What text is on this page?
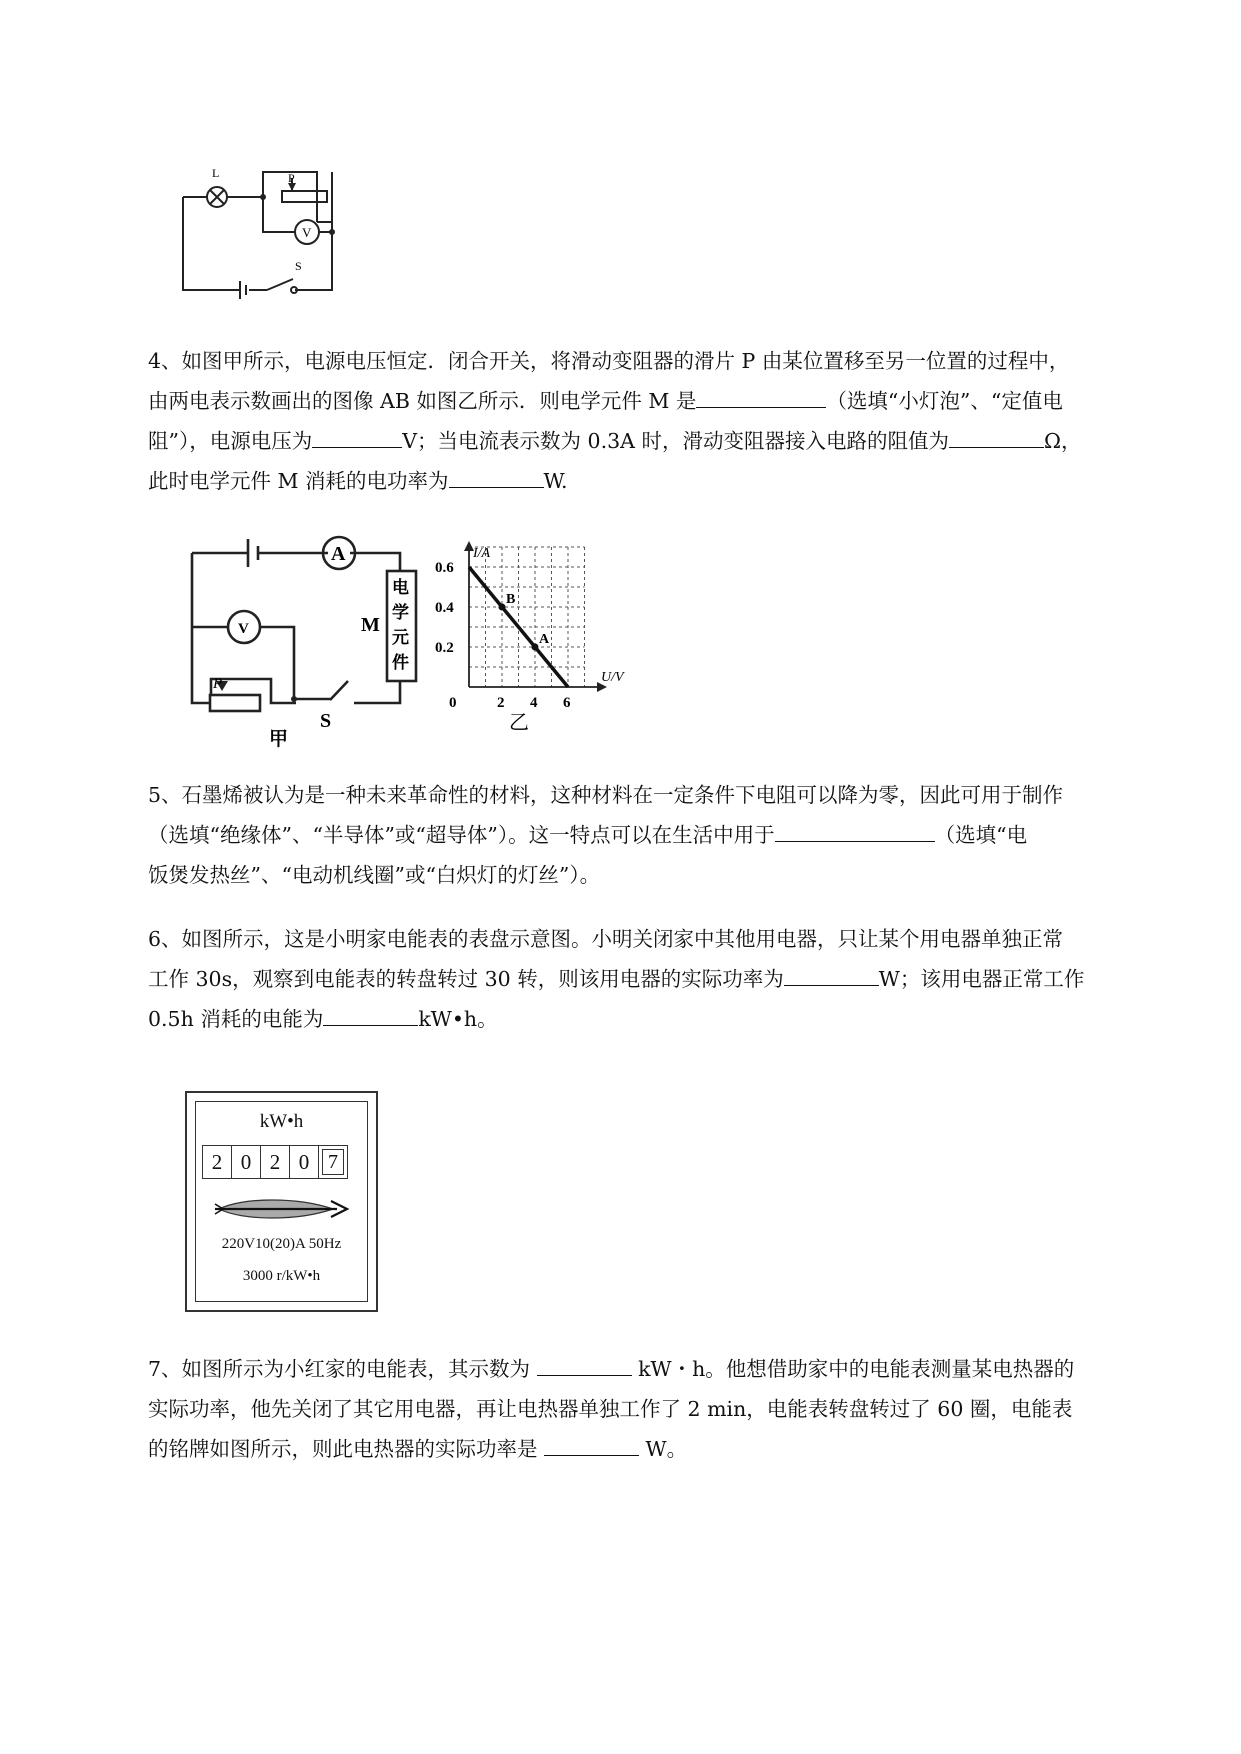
L	P
V
S

4、如图甲所示，电源电压恒定．闭合开关，将滑动变阻器的滑片 P 由某位置移至另一位置的过程中，

由两电表示数画出的图像 AB 如图乙所示．则电学元件 M 是	（选填“小灯泡”、“定值电

阻”），电源电压为	V；当电流表示数为 0.3A 时，滑动变阻器接入电路的阻值为	Ω，

此时电学元件 M 消耗的电功率为	W.

A
V	M
电
学
元
件
P
S
甲
I/A
U/V
0
0.6
0.4
0.2
2 4 6
B
A
乙

5、石墨烯被认为是一种未来革命性的材料，这种材料在一定条件下电阻可以降为零，因此可用于制作

（选填“绝缘体”、“半导体”或“超导体”）。这一特点可以在生活中用于	（选填“电

饭煲发热丝”、“电动机线圈”或“白炽灯的灯丝”）。

6、如图所示，这是小明家电能表的表盘示意图。小明关闭家中其他用电器，只让某个用电器单独正常

工作 30s，观察到电能表的转盘转过 30 转，则该用电器的实际功率为	W；该用电器正常工作

0.5h 消耗的电能为	kW•h。

kW•h
2 0 2 0 7
220V10(20)A 50Hz
3000 r/kW•h

7、如图所示为小红家的电能表，其示数为	kW・h。他想借助家中的电能表测量某电热器的

实际功率，他先关闭了其它用电器，再让电热器单独工作了 2 min，电能表转盘转过了 60 圈，电能表

的铭牌如图所示，则此电热器的实际功率是	W。
